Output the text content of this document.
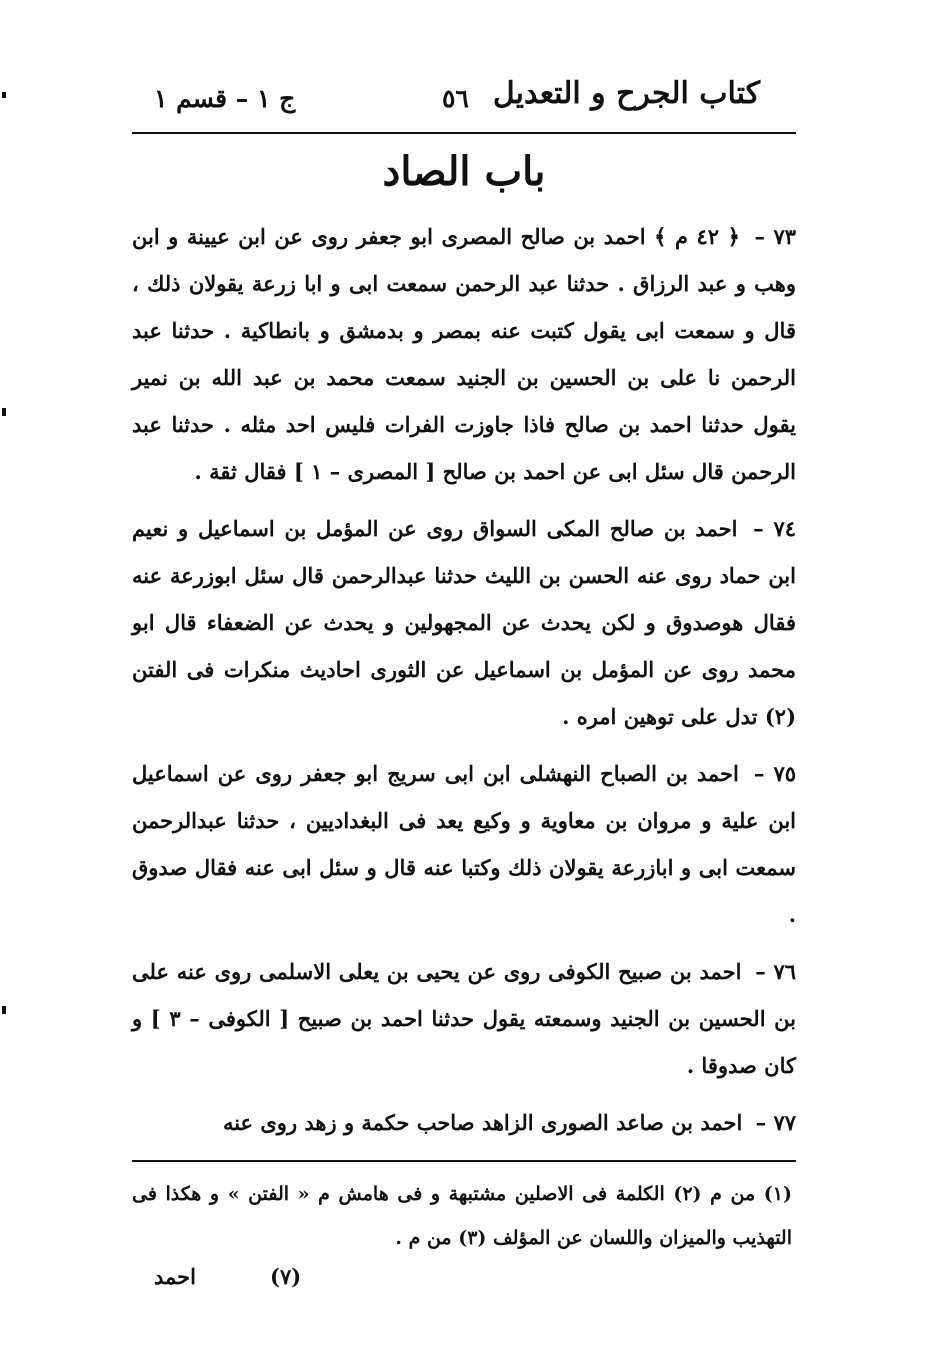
كتاب الجرح و التعديل
٥٦
ج ١ – قسم ١
باب الصاد

٧٣ – ﴿ ٤٢ م ﴾ احمد بن صالح المصرى ابو جعفر روى عن ابن عيينة و ابن وهب و عبد الرزاق . حدثنا عبد الرحمن سمعت ابى و ابا زرعة يقولان ذلك ، قال و سمعت ابى يقول كتبت عنه بمصر و بدمشق و بانطاكية . حدثنا عبد الرحمن نا على بن الحسين بن الجنيد سمعت محمد بن عبد الله بن نمير يقول حدثنا احمد بن صالح فاذا جاوزت الفرات فليس احد مثله . حدثنا عبد الرحمن قال سئل ابى عن احمد بن صالح [ المصرى – ١ ] فقال ثقة .

٧٤ – احمد بن صالح المكى السواق روى عن المؤمل بن اسماعيل و نعيم ابن حماد روى عنه الحسن بن الليث حدثنا عبدالرحمن قال سئل ابوزرعة عنه فقال هوصدوق و لكن يحدث عن المجهولين و يحدث عن الضعفاء قال ابو محمد روى عن المؤمل بن اسماعيل عن الثورى احاديث منكرات فى الفتن (٢) تدل على توهين امره .

٧٥ – احمد بن الصباح النهشلى ابن ابى سريج ابو جعفر روى عن اسماعيل ابن علية و مروان بن معاوية و وكيع يعد فى البغداديين ، حدثنا عبدالرحمن سمعت ابى و ابازرعة يقولان ذلك وكتبا عنه قال و سئل ابى عنه فقال صدوق .

٧٦ – احمد بن صبيح الكوفى روى عن يحيى بن يعلى الاسلمى روى عنه على بن الحسين بن الجنيد وسمعته يقول حدثنا احمد بن صبيح [ الكوفى – ٣ ] و كان صدوقا .

٧٧ – احمد بن صاعد الصورى الزاهد صاحب حكمة و زهد روى عنه

(١) من م (٢) الكلمة فى الاصلين مشتبهة و فى هامش م « الفتن » و هكذا فى التهذيب والميزان واللسان عن المؤلف (٣) من م .
(٧)
احمد
